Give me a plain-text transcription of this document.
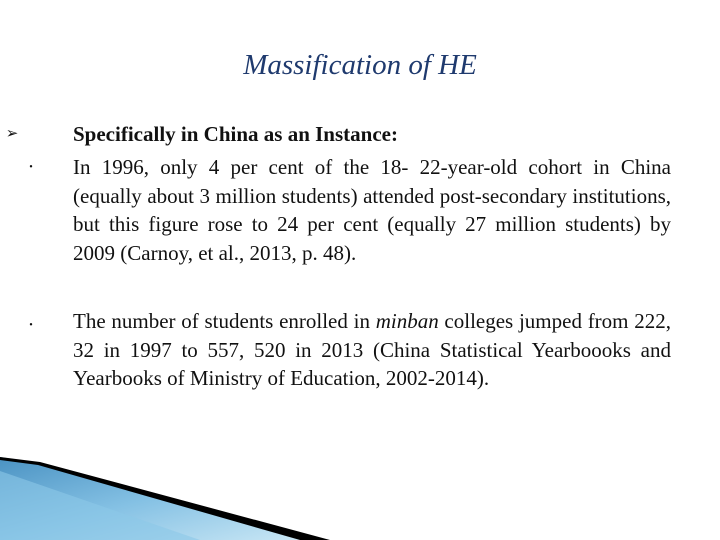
Massification of HE
➢	Specifically in China as an Instance:
•	In 1996, only 4 per cent of the 18- 22-year-old cohort in China (equally about 3 million students) attended post-secondary institutions, but this figure rose to 24 per cent (equally 27 million students) by 2009 (Carnoy, et al., 2013, p. 48).
•	The number of students enrolled in minban colleges jumped from 222, 32 in 1997 to 557, 520 in 2013 (China Statistical Yearboooks and Yearbooks of Ministry of Education, 2002-2014).
